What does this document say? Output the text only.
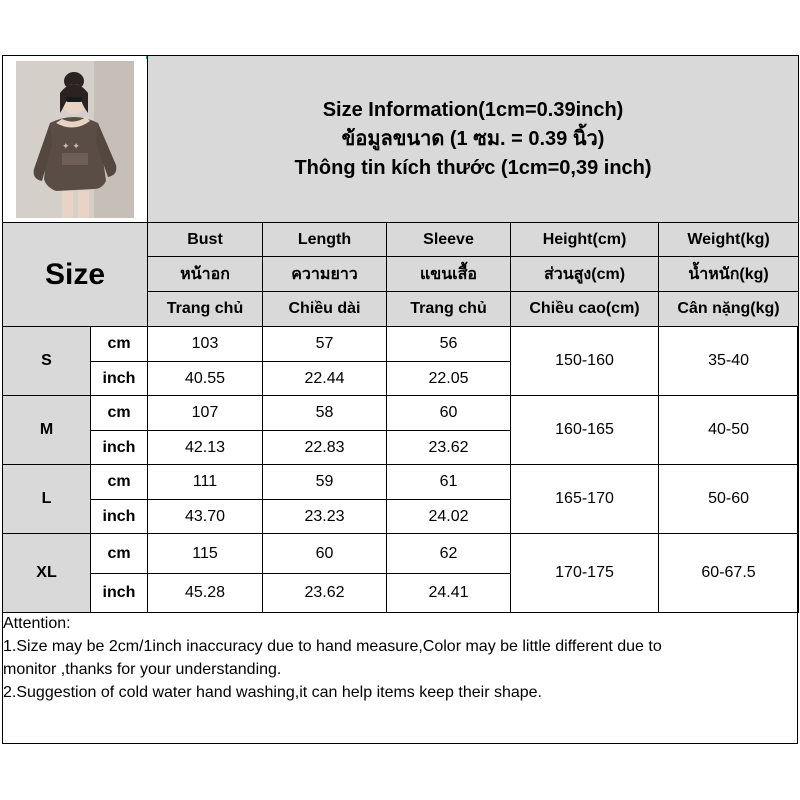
✦ ✦		Size Information(1cm=0.39inch)
ข้อมูลขนาด (1 ซม. = 0.39 นิ้ว)
Thông tin kích thước (1cm=0,39 inch)				

Size		Bust	Length	Sleeve	Height(cm)	Weight(kg)
		หน้าอก	ความยาว	แขนเสื้อ	ส่วนสูง(cm)	น้ำหนัก(kg)
		Trang chủ	Chiều dài	Trang chủ	Chiều cao(cm)	Cân nặng(kg)
S	cm	103	57	56	150-160	35-40
	inch	40.55	22.44	22.05		
M	cm	107	58	60	160-165	40-50
	inch	42.13	22.83	23.62		
L	cm	111	59	61	165-170	50-60
	inch	43.70	23.23	24.02		
XL	cm	115	60	62	170-175	60-67.5
	inch	45.28	23.62	24.41		
Attention:
1.Size may be 2cm/1inch inaccuracy due to hand measure,Color may be little different due to
monitor ,thanks for your understanding.
2.Suggestion of cold water hand washing,it can help items keep their shape.
